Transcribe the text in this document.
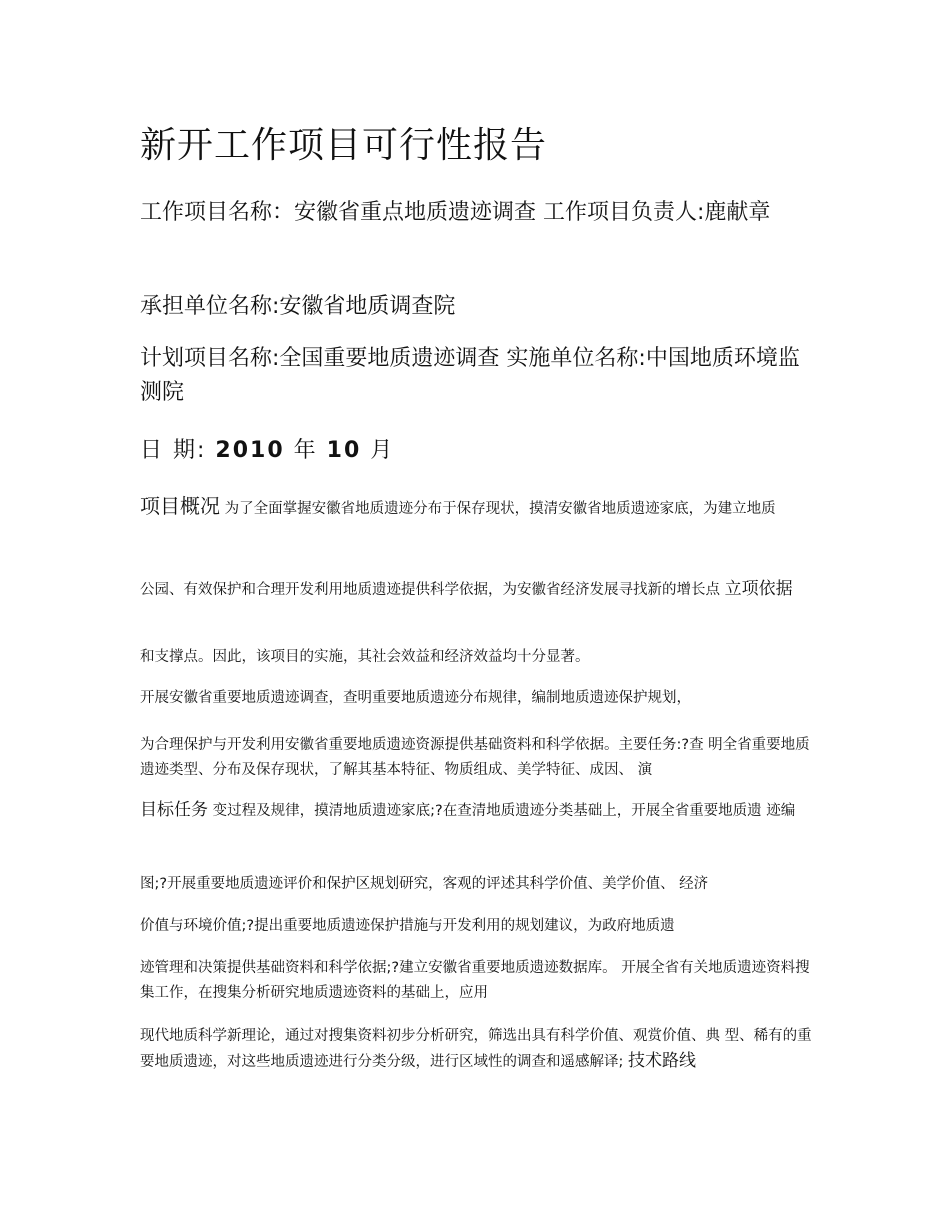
新开工作项目可行性报告

工作项目名称：安徽省重点地质遗迹调查 工作项目负责人:鹿献章

承担单位名称:安徽省地质调查院

计划项目名称:全国重要地质遗迹调查 实施单位名称:中国地质环境监测院

日 期: 2010 年 10 月

项目概况 为了全面掌握安徽省地质遗迹分布于保存现状，摸清安徽省地质遗迹家底，为建立地质

公园、有效保护和合理开发利用地质遗迹提供科学依据，为安徽省经济发展寻找新的增长点 立项依据

和支撑点。因此，该项目的实施，其社会效益和经济效益均十分显著。

开展安徽省重要地质遗迹调查，查明重要地质遗迹分布规律，编制地质遗迹保护规划，

为合理保护与开发利用安徽省重要地质遗迹资源提供基础资料和科学依据。主要任务:?查 明全省重要地质遗迹类型、分布及保存现状，了解其基本特征、物质组成、美学特征、成因、 演

目标任务 变过程及规律，摸清地质遗迹家底;?在查清地质遗迹分类基础上，开展全省重要地质遗 迹编

图;?开展重要地质遗迹评价和保护区规划研究，客观的评述其科学价值、美学价值、 经济

价值与环境价值;?提出重要地质遗迹保护措施与开发利用的规划建议，为政府地质遗

迹管理和决策提供基础资料和科学依据;?建立安徽省重要地质遗迹数据库。 开展全省有关地质遗迹资料搜集工作，在搜集分析研究地质遗迹资料的基础上，应用

现代地质科学新理论，通过对搜集资料初步分析研究，筛选出具有科学价值、观赏价值、典 型、稀有的重要地质遗迹，对这些地质遗迹进行分类分级，进行区域性的调查和遥感解译; 技术路线
